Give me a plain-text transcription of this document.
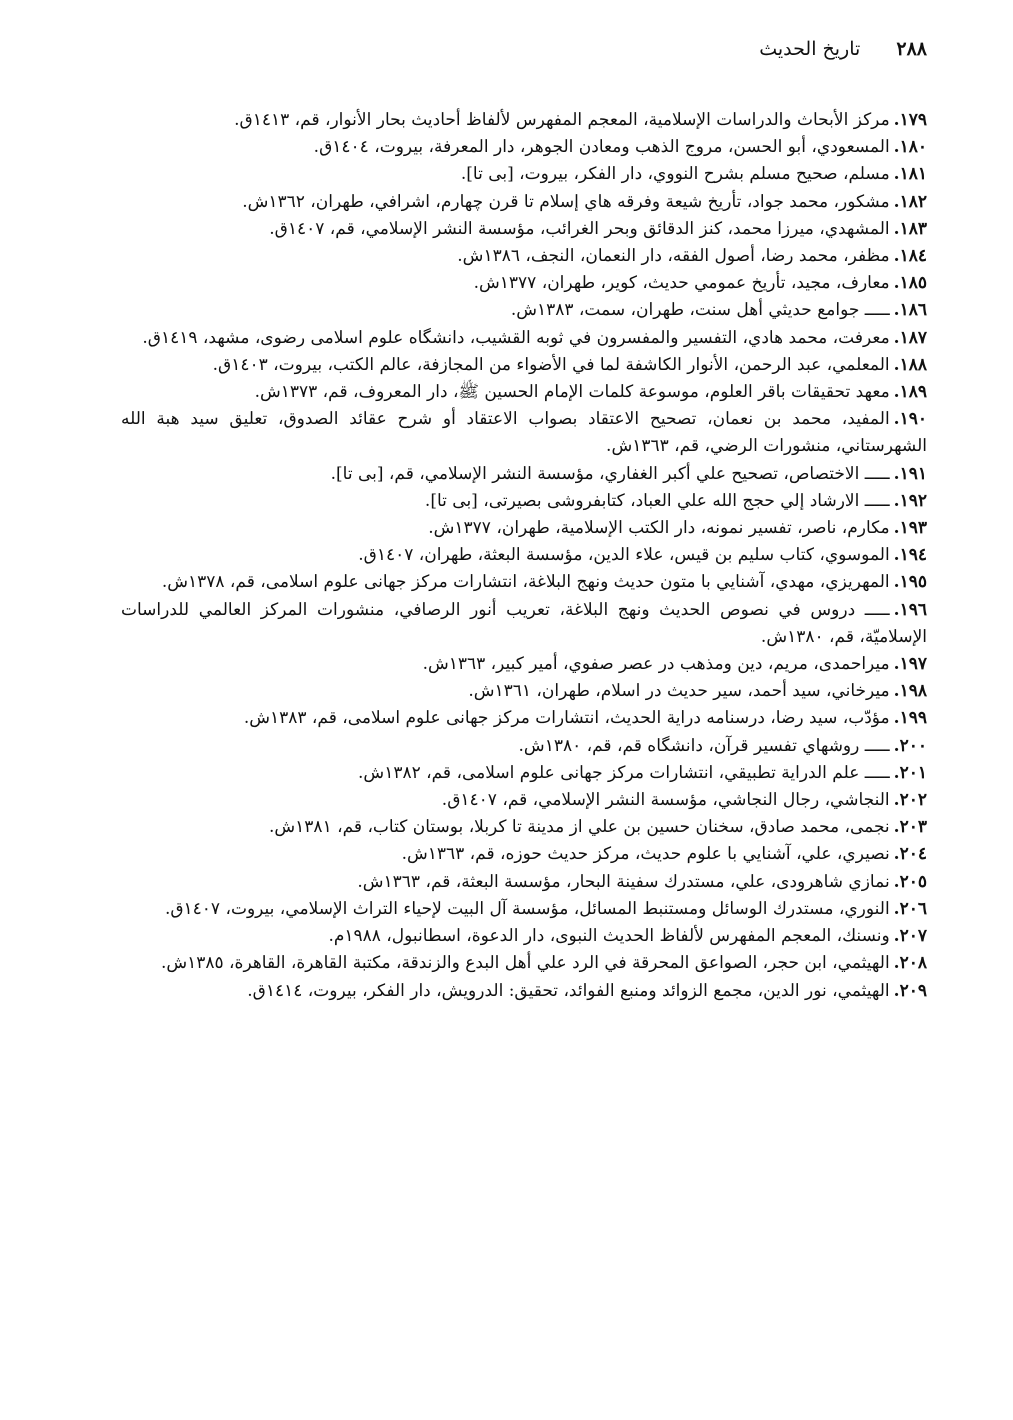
٢٨٨ تاريخ الحديث
١٧٩.مركز الأبحاث والدراسات الإسلامية، المعجم المفهرس لألفاظ أحاديث بحار الأنوار، قم، ١٤١٣ق.
١٨٠.المسعودي، أبو الحسن، مروج الذهب ومعادن الجوهر، دار المعرفة، بيروت، ١٤٠٤ق.
١٨١.مسلم، صحيح مسلم بشرح النووي، دار الفكر، بيروت، [بى تا].
١٨٢.مشكور، محمد جواد، تأريخ شيعة وفرقه هاي إسلام تا قرن چهارم، اشرافي، طهران، ١٣٦٢ش.
١٨٣.المشهدي، ميرزا محمد، كنز الدقائق وبحر الغرائب، مؤسسة النشر الإسلامي، قم، ١٤٠٧ق.
١٨٤.مظفر، محمد رضا، أصول الفقه، دار النعمان، النجف، ١٣٨٦ش.
١٨٥.معارف، مجيد، تأريخ عمومي حديث، كوير، طهران، ١٣٧٧ش.
١٨٦.ـــــ جوامع حديثي أهل سنت، طهران، سمت، ١٣٨٣ش.
١٨٧.معرفت، محمد هادي، التفسير والمفسرون في ثوبه القشيب، دانشگاه علوم اسلامى رضوى، مشهد، ١٤١٩ق.
١٨٨.المعلمي، عبد الرحمن، الأنوار الكاشفة لما في الأضواء من المجازفة، عالم الكتب، بيروت، ١٤٠٣ق.
١٨٩.معهد تحقيقات باقر العلوم، موسوعة كلمات الإمام الحسين ﷺ، دار المعروف، قم، ١٣٧٣ش.
١٩٠.المفيد، محمد بن نعمان، تصحيح الاعتقاد بصواب الاعتقاد أو شرح عقائد الصدوق، تعليق سيد هبة الله الشهرستاني، منشورات الرضي، قم، ١٣٦٣ش.
١٩١.ـــــ الاختصاص، تصحيح علي أكبر الغفاري، مؤسسة النشر الإسلامي، قم، [بى تا].
١٩٢.ـــــ الارشاد إلي حجج الله علي العباد، كتابفروشى بصيرتى، [بى تا].
١٩٣.مكارم، ناصر، تفسير نمونه، دار الكتب الإسلامية، طهران، ١٣٧٧ش.
١٩٤.الموسوي، كتاب سليم بن قيس، علاء الدين، مؤسسة البعثة، طهران، ١٤٠٧ق.
١٩٥.المهريزي، مهدي، آشنايي با متون حديث ونهج البلاغة، انتشارات مركز جهانى علوم اسلامى، قم، ١٣٧٨ش.
١٩٦.ـــــ دروس في نصوص الحديث ونهج البلاغة، تعريب أنور الرصافي، منشورات المركز العالمي للدراسات الإسلاميّة، قم، ١٣٨٠ش.
١٩٧.ميراحمدى، مريم، دين ومذهب در عصر صفوي، أمير كبير، ١٣٦٣ش.
١٩٨.ميرخاني، سيد أحمد، سير حديث در اسلام، طهران، ١٣٦١ش.
١٩٩.مؤدّب، سيد رضا، درسنامه دراية الحديث، انتشارات مركز جهانى علوم اسلامى، قم، ١٣٨٣ش.
٢٠٠.ـــــ روشهاي تفسير قرآن، دانشگاه قم، قم، ١٣٨٠ش.
٢٠١.ـــــ علم الدراية تطبيقي، انتشارات مركز جهانى علوم اسلامى، قم، ١٣٨٢ش.
٢٠٢.النجاشي، رجال النجاشي، مؤسسة النشر الإسلامي، قم، ١٤٠٧ق.
٢٠٣.نجمى، محمد صادق، سخنان حسين بن علي از مدينة تا كربلا، بوستان كتاب، قم، ١٣٨١ش.
٢٠٤.نصيري، علي، آشنايي با علوم حديث، مركز حديث حوزه، قم، ١٣٦٣ش.
٢٠٥.نمازي شاهرودى، علي، مستدرك سفينة البحار، مؤسسة البعثة، قم، ١٣٦٣ش.
٢٠٦.النوري، مستدرك الوسائل ومستنبط المسائل، مؤسسة آل البيت لإحياء التراث الإسلامي، بيروت، ١٤٠٧ق.
٢٠٧.ونسنك، المعجم المفهرس لألفاظ الحديث النبوى، دار الدعوة، اسطانبول، ١٩٨٨م.
٢٠٨.الهيثمي، ابن حجر، الصواعق المحرقة في الرد علي أهل البدع والزندقة، مكتبة القاهرة، القاهرة، ١٣٨٥ش.
٢٠٩.الهيثمي، نور الدين، مجمع الزوائد ومنبع الفوائد، تحقيق: الدرويش، دار الفكر، بيروت، ١٤١٤ق.
